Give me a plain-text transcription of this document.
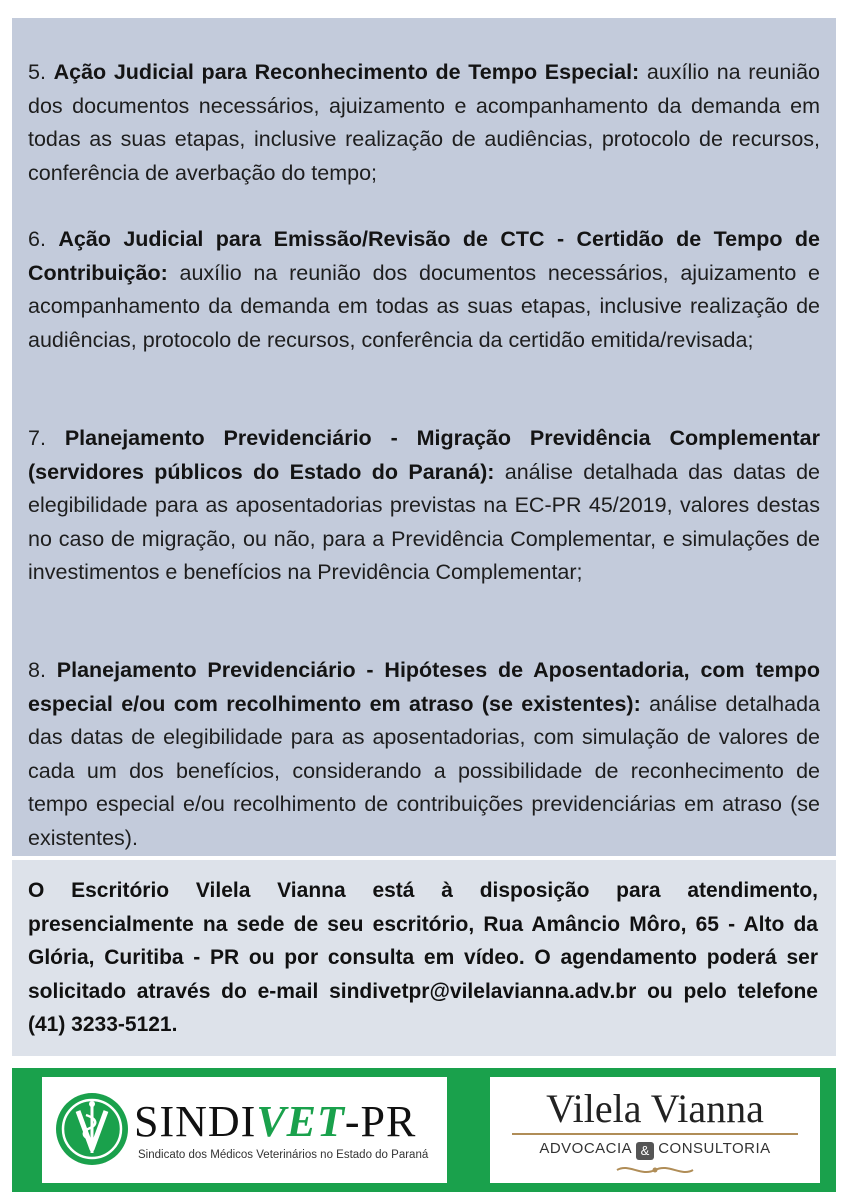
5. Ação Judicial para Reconhecimento de Tempo Especial: auxílio na reunião dos documentos necessários, ajuizamento e acompanhamento da demanda em todas as suas etapas, inclusive realização de audiências, protocolo de recursos, conferência de averbação do tempo;

6. Ação Judicial para Emissão/Revisão de CTC - Certidão de Tempo de Contribuição: auxílio na reunião dos documentos necessários, ajuizamento e acompanhamento da demanda em todas as suas etapas, inclusive realização de audiências, protocolo de recursos, conferência da certidão emitida/revisada;

7. Planejamento Previdenciário - Migração Previdência Complementar (servidores públicos do Estado do Paraná): análise detalhada das datas de elegibilidade para as aposentadorias previstas na EC-PR 45/2019, valores destas no caso de migração, ou não, para a Previdência Complementar, e simulações de investimentos e benefícios na Previdência Complementar;

8. Planejamento Previdenciário - Hipóteses de Aposentadoria, com tempo especial e/ou com recolhimento em atraso (se existentes): análise detalhada das datas de elegibilidade para as aposentadorias, com simulação de valores de cada um dos benefícios, considerando a possibilidade de reconhecimento de tempo especial e/ou recolhimento de contribuições previdenciárias em atraso (se existentes).

O Escritório Vilela Vianna está à disposição para atendimento, presencialmente na sede de seu escritório, Rua Amâncio Môro, 65 - Alto da Glória, Curitiba - PR ou por consulta em vídeo. O agendamento poderá ser solicitado através do e-mail sindivetpr@vilelavianna.adv.br ou pelo telefone (41) 3233-5121.

SINDIVET-PR
Sindicato dos Médicos Veterinários no Estado do Paraná
Vilela Vianna
ADVOCACIA & CONSULTORIA
